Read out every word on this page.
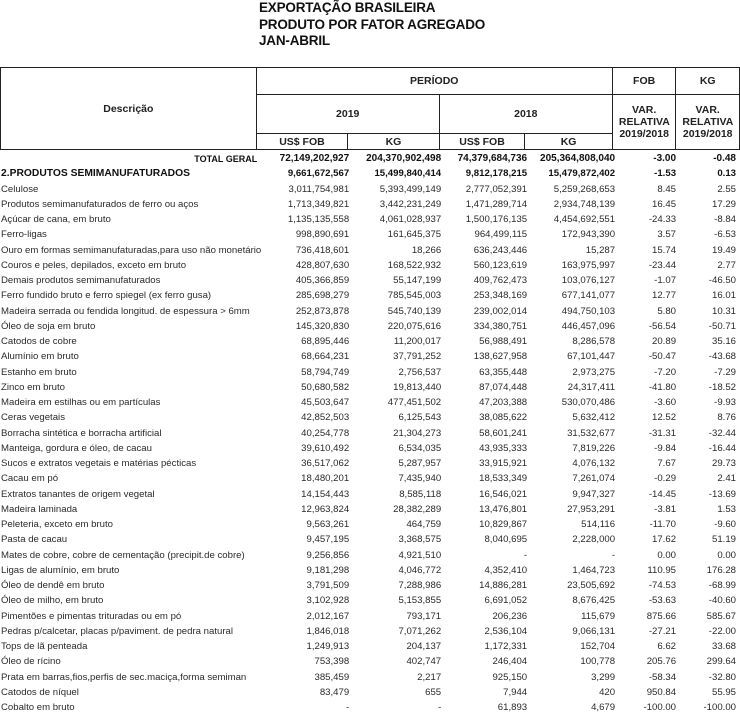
EXPORTAÇÃO BRASILEIRA
PRODUTO POR FATOR AGREGADO
JAN-ABRIL
Descrição	PERÍODO				FOB	KG
	2019		2018		VAR. RELATIVA 2019/2018	VAR. RELATIVA 2019/2018
	US$ FOB	KG	US$ FOB	KG		
TOTAL GERAL	72,149,202,927	204,370,902,498	74,379,684,736	205,364,808,040	-3.00	-0.48
2.PRODUTOS SEMIMANUFATURADOS	9,661,672,567	15,499,840,414	9,812,178,215	15,479,872,402	-1.53	0.13
Celulose	3,011,754,981	5,393,499,149	2,777,052,391	5,259,268,653	8.45	2.55
Produtos semimanufaturados de ferro ou aços	1,713,349,821	3,442,231,249	1,471,289,714	2,934,748,139	16.45	17.29
Açúcar de cana, em bruto	1,135,135,558	4,061,028,937	1,500,176,135	4,454,692,551	-24.33	-8.84
Ferro-ligas	998,890,691	161,645,375	964,499,115	172,943,390	3.57	-6.53
Ouro em formas semimanufaturadas,para uso não monetário	736,418,601	18,266	636,243,446	15,287	15.74	19.49
Couros e peles, depilados, exceto em bruto	428,807,630	168,522,932	560,123,619	163,975,997	-23.44	2.77
Demais produtos semimanufaturados	405,366,859	55,147,199	409,762,473	103,076,127	-1.07	-46.50
Ferro fundido bruto e ferro spiegel (ex ferro gusa)	285,698,279	785,545,003	253,348,169	677,141,077	12.77	16.01
Madeira serrada ou fendida longitud. de espessura > 6mm	252,873,878	545,740,139	239,002,014	494,750,103	5.80	10.31
Óleo de soja em bruto	145,320,830	220,075,616	334,380,751	446,457,096	-56.54	-50.71
Catodos de cobre	68,895,446	11,200,017	56,988,491	8,286,578	20.89	35.16
Alumínio em bruto	68,664,231	37,791,252	138,627,958	67,101,447	-50.47	-43.68
Estanho em bruto	58,794,749	2,756,537	63,355,448	2,973,275	-7.20	-7.29
Zinco em bruto	50,680,582	19,813,440	87,074,448	24,317,411	-41.80	-18.52
Madeira em estilhas ou em partículas	45,503,647	477,451,502	47,203,388	530,070,486	-3.60	-9.93
Ceras vegetais	42,852,503	6,125,543	38,085,622	5,632,412	12.52	8.76
Borracha sintética e borracha artificial	40,254,778	21,304,273	58,601,241	31,532,677	-31.31	-32.44
Manteiga, gordura e óleo, de cacau	39,610,492	6,534,035	43,935,333	7,819,226	-9.84	-16.44
Sucos e extratos vegetais e matérias pécticas	36,517,062	5,287,957	33,915,921	4,076,132	7.67	29.73
Cacau em pó	18,480,201	7,435,940	18,533,349	7,261,074	-0.29	2.41
Extratos tanantes de origem vegetal	14,154,443	8,585,118	16,546,021	9,947,327	-14.45	-13.69
Madeira laminada	12,963,824	28,382,289	13,476,801	27,953,291	-3.81	1.53
Peleteria, exceto em bruto	9,563,261	464,759	10,829,867	514,116	-11.70	-9.60
Pasta de cacau	9,457,195	3,368,575	8,040,695	2,228,000	17.62	51.19
Mates de cobre, cobre de cementação (precipit.de cobre)	9,256,856	4,921,510	-	-	0.00	0.00
Ligas de alumínio, em bruto	9,181,298	4,046,772	4,352,410	1,464,723	110.95	176.28
Óleo de dendê em bruto	3,791,509	7,288,986	14,886,281	23,505,692	-74.53	-68.99
Óleo de milho, em bruto	3,102,928	5,153,855	6,691,052	8,676,425	-53.63	-40.60
Pimentões e pimentas trituradas ou em pó	2,012,167	793,171	206,236	115,679	875.66	585.67
Pedras p/calcetar, placas p/paviment. de pedra natural	1,846,018	7,071,262	2,536,104	9,066,131	-27.21	-22.00
Tops de lã penteada	1,249,913	204,137	1,172,331	152,704	6.62	33.68
Óleo de rícino	753,398	402,747	246,404	100,778	205.76	299.64
Prata em barras,fios,perfis de sec.maciça,forma semiman	385,459	2,217	925,150	3,299	-58.34	-32.80
Catodos de níquel	83,479	655	7,944	420	950.84	55.95
Cobalto em bruto	-	-	61,893	4,679	-100.00	-100.00
